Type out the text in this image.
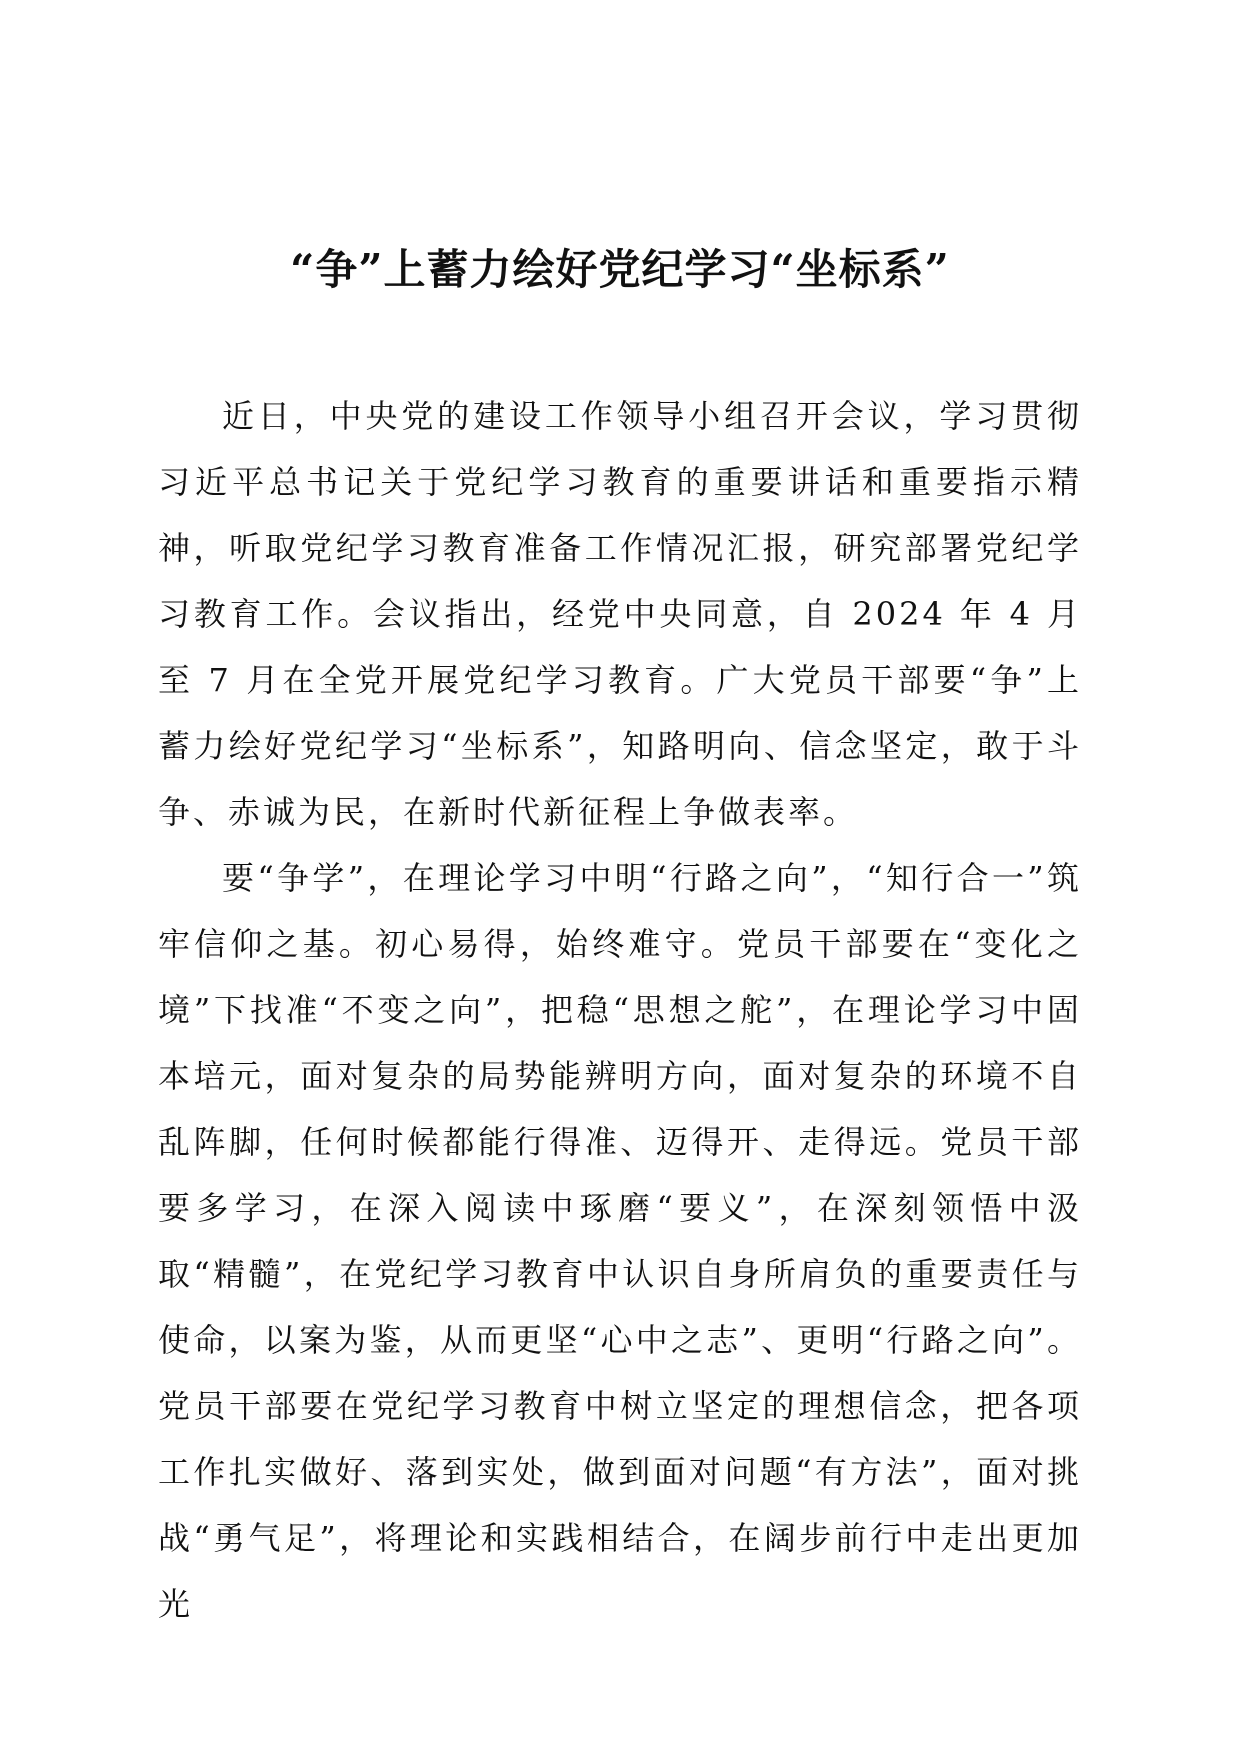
“争”上蓄力绘好党纪学习“坐标系”

近日，中央党的建设工作领导小组召开会议，学习贯彻习近平总书记关于党纪学习教育的重要讲话和重要指示精神，听取党纪学习教育准备工作情况汇报，研究部署党纪学习教育工作。会议指出，经党中央同意，自 2024 年 4 月至 7 月在全党开展党纪学习教育。广大党员干部要“争”上蓄力绘好党纪学习“坐标系”，知路明向、信念坚定，敢于斗争、赤诚为民，在新时代新征程上争做表率。

要“争学”，在理论学习中明“行路之向”，“知行合一”筑牢信仰之基。初心易得，始终难守。党员干部要在“变化之境”下找准“不变之向”，把稳“思想之舵”，在理论学习中固本培元，面对复杂的局势能辨明方向，面对复杂的环境不自乱阵脚，任何时候都能行得准、迈得开、走得远。党员干部要多学习，在深入阅读中琢磨“要义”，在深刻领悟中汲取“精髓”，在党纪学习教育中认识自身所肩负的重要责任与使命，以案为鉴，从而更坚“心中之志”、更明“行路之向”。党员干部要在党纪学习教育中树立坚定的理想信念，把各项工作扎实做好、落到实处，做到面对问题“有方法”，面对挑战“勇气足”，将理论和实践相结合，在阔步前行中走出更加光
